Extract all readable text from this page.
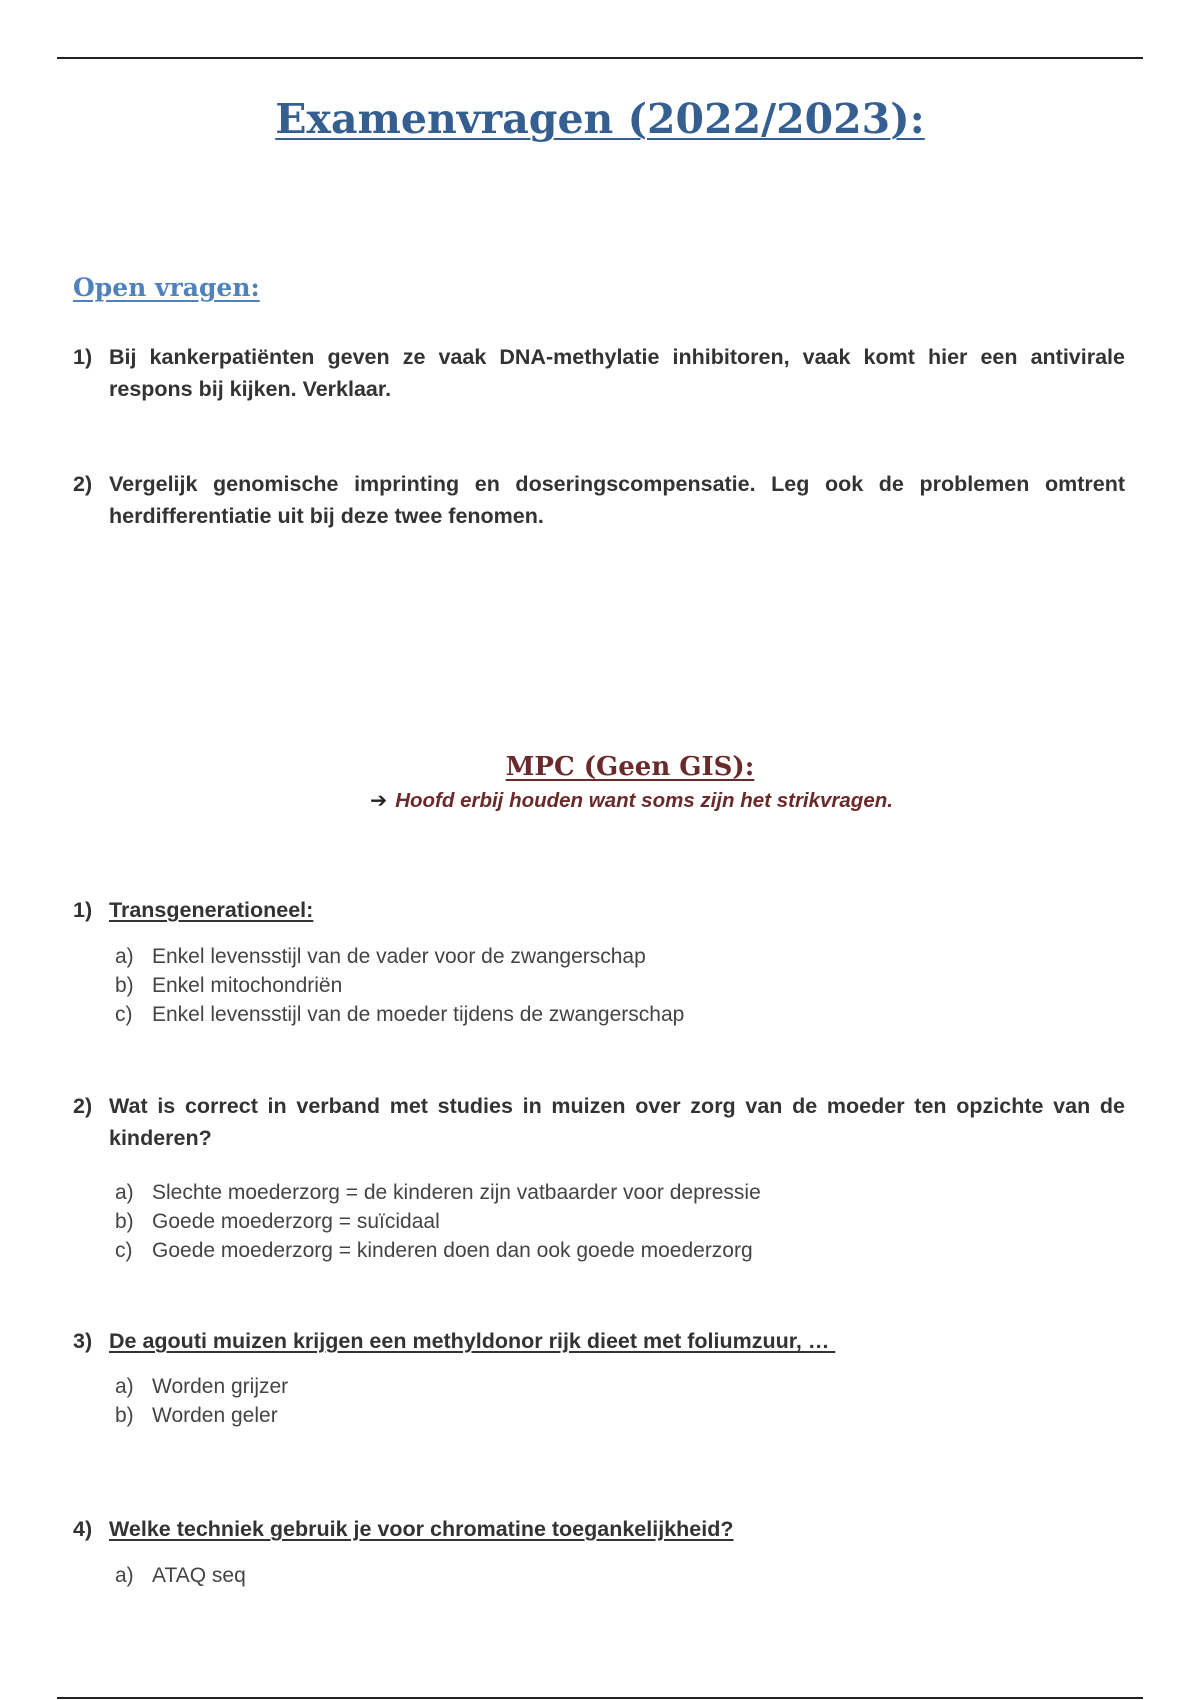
Examenvragen (2022/2023):
Open vragen:
1) Bij kankerpatiënten geven ze vaak DNA-methylatie inhibitoren, vaak komt hier een antivirale respons bij kijken. Verklaar.
2) Vergelijk genomische imprinting en doseringscompensatie. Leg ook de problemen omtrent herdifferentiatie uit bij deze twee fenomen.
MPC (Geen GIS):
➔ Hoofd erbij houden want soms zijn het strikvragen.
1) Transgenerationeel:
a) Enkel levensstijl van de vader voor de zwangerschap
b) Enkel mitochondriën
c) Enkel levensstijl van de moeder tijdens de zwangerschap
2) Wat is correct in verband met studies in muizen over zorg van de moeder ten opzichte van de kinderen?
a) Slechte moederzorg = de kinderen zijn vatbaarder voor depressie
b) Goede moederzorg = suïcidaal
c) Goede moederzorg = kinderen doen dan ook goede moederzorg
3) De agouti muizen krijgen een methyldonor rijk dieet met foliumzuur, …
a) Worden grijzer
b) Worden geler
4) Welke techniek gebruik je voor chromatine toegankelijkheid?
a) ATAQ seq
